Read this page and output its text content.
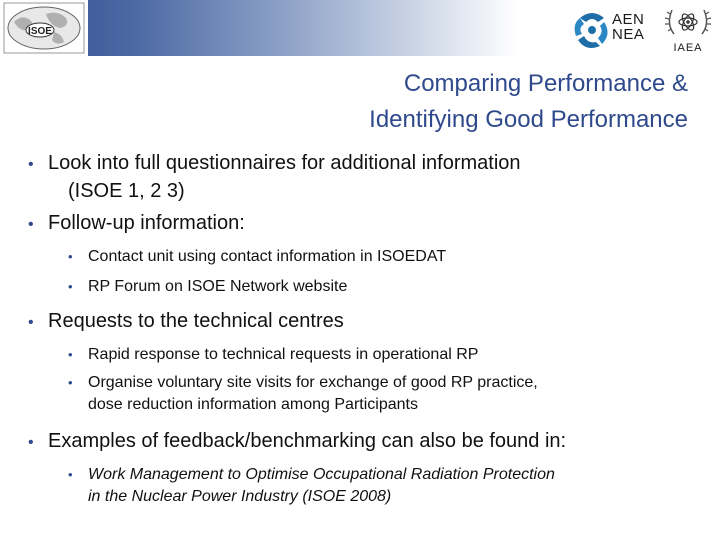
ISOE
AEN
NEA
IAEA
Comparing Performance &
Identifying Good Performance

• Look into full questionnaires for additional information

(ISOE 1, 2 3)

• Follow-up information:

• Contact unit using contact information in ISOEDAT

• RP Forum on ISOE Network website

• Requests to the technical centres

• Rapid response to technical requests in operational RP

• Organise voluntary site visits for exchange of good RP practice,

dose reduction information among Participants

• Examples of feedback/benchmarking can also be found in:

• Work Management to Optimise Occupational Radiation Protection

in the Nuclear Power Industry (ISOE 2008)
